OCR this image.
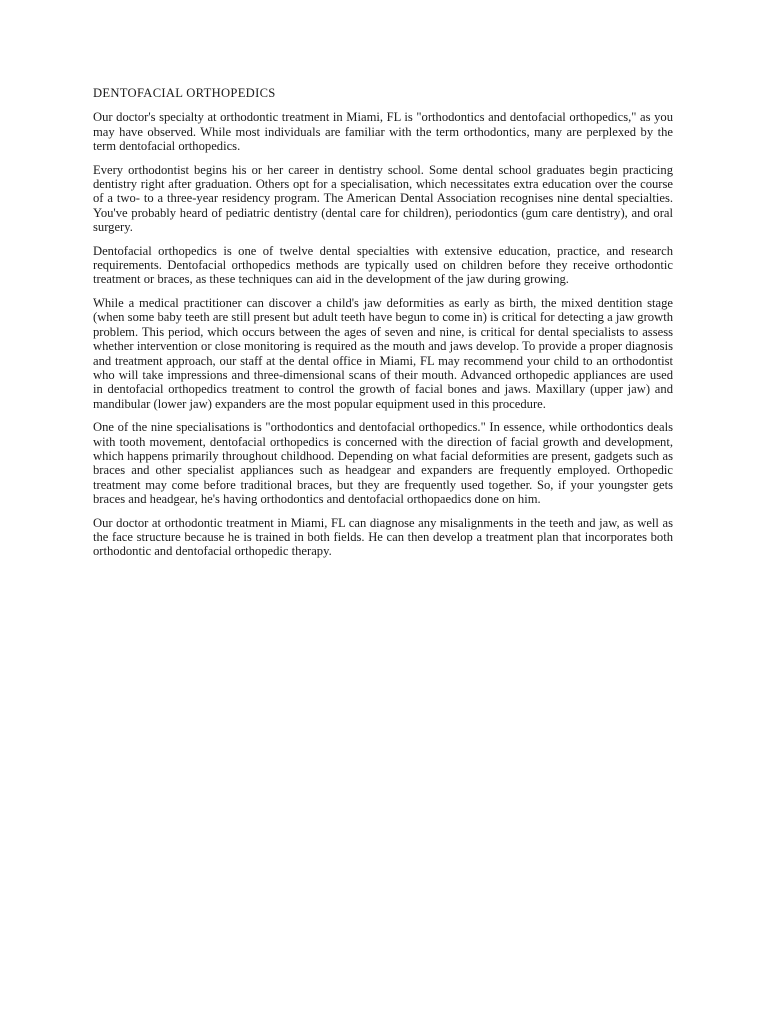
DENTOFACIAL ORTHOPEDICS

Our doctor's specialty at orthodontic treatment in Miami, FL is "orthodontics and dentofacial orthopedics," as you may have observed. While most individuals are familiar with the term orthodontics, many are perplexed by the term dentofacial orthopedics.

Every orthodontist begins his or her career in dentistry school. Some dental school graduates begin practicing dentistry right after graduation. Others opt for a specialisation, which necessitates extra education over the course of a two- to a three-year residency program. The American Dental Association recognises nine dental specialties. You've probably heard of pediatric dentistry (dental care for children), periodontics (gum care dentistry), and oral surgery.

Dentofacial orthopedics is one of twelve dental specialties with extensive education, practice, and research requirements. Dentofacial orthopedics methods are typically used on children before they receive orthodontic treatment or braces, as these techniques can aid in the development of the jaw during growing.

While a medical practitioner can discover a child's jaw deformities as early as birth, the mixed dentition stage (when some baby teeth are still present but adult teeth have begun to come in) is critical for detecting a jaw growth problem. This period, which occurs between the ages of seven and nine, is critical for dental specialists to assess whether intervention or close monitoring is required as the mouth and jaws develop. To provide a proper diagnosis and treatment approach, our staff at the dental office in Miami, FL may recommend your child to an orthodontist who will take impressions and three-dimensional scans of their mouth. Advanced orthopedic appliances are used in dentofacial orthopedics treatment to control the growth of facial bones and jaws. Maxillary (upper jaw) and mandibular (lower jaw) expanders are the most popular equipment used in this procedure.

One of the nine specialisations is "orthodontics and dentofacial orthopedics." In essence, while orthodontics deals with tooth movement, dentofacial orthopedics is concerned with the direction of facial growth and development, which happens primarily throughout childhood. Depending on what facial deformities are present, gadgets such as braces and other specialist appliances such as headgear and expanders are frequently employed. Orthopedic treatment may come before traditional braces, but they are frequently used together. So, if your youngster gets braces and headgear, he's having orthodontics and dentofacial orthopaedics done on him.

Our doctor at orthodontic treatment in Miami, FL can diagnose any misalignments in the teeth and jaw, as well as the face structure because he is trained in both fields. He can then develop a treatment plan that incorporates both orthodontic and dentofacial orthopedic therapy.
